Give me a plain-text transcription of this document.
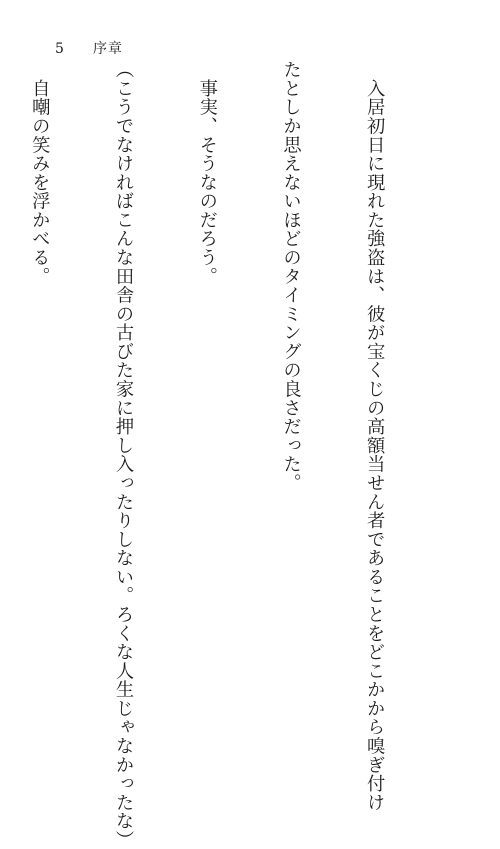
5	序章

　入居初日に現れた強盗は、彼が宝くじの高額当せん者であることをどこかから嗅ぎ付け

たとしか思えないほどのタイミングの良さだった。

　事実、そうなのだろう。

（こうでなければこんな田舎の古びた家に押し入ったりしない。ろくな人生じゃなかったな）

　自嘲の笑みを浮かべる。
